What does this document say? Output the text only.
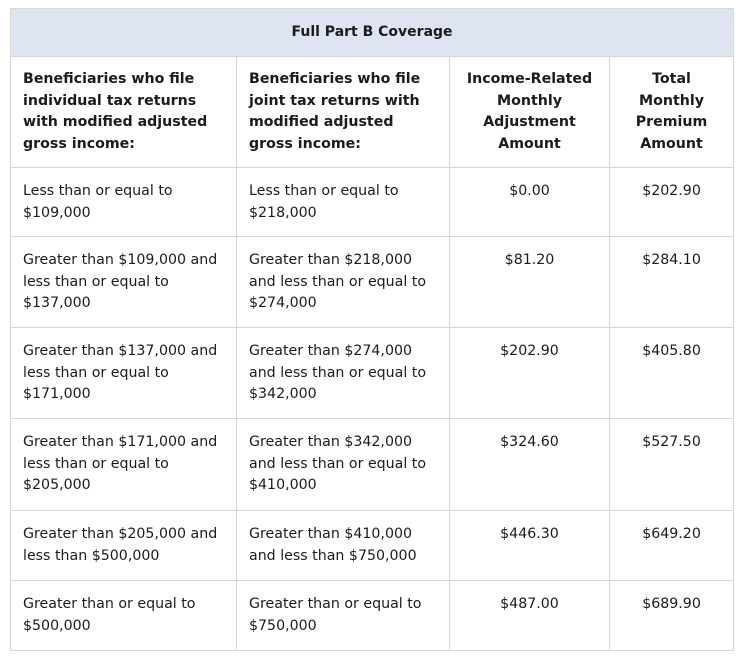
Full Part B Coverage			
Beneficiaries who file individual tax returns with modified adjusted gross income:	Beneficiaries who file joint tax returns with modified adjusted gross income:	Income-Related Monthly Adjustment Amount	Total Monthly Premium Amount
Less than or equal to $109,000	Less than or equal to $218,000	$0.00	$202.90
Greater than $109,000 and less than or equal to $137,000	Greater than $218,000 and less than or equal to $274,000	$81.20	$284.10
Greater than $137,000 and less than or equal to $171,000	Greater than $274,000 and less than or equal to $342,000	$202.90	$405.80
Greater than $171,000 and less than or equal to $205,000	Greater than $342,000 and less than or equal to $410,000	$324.60	$527.50
Greater than $205,000 and less than $500,000	Greater than $410,000 and less than $750,000	$446.30	$649.20
Greater than or equal to $500,000	Greater than or equal to $750,000	$487.00	$689.90
